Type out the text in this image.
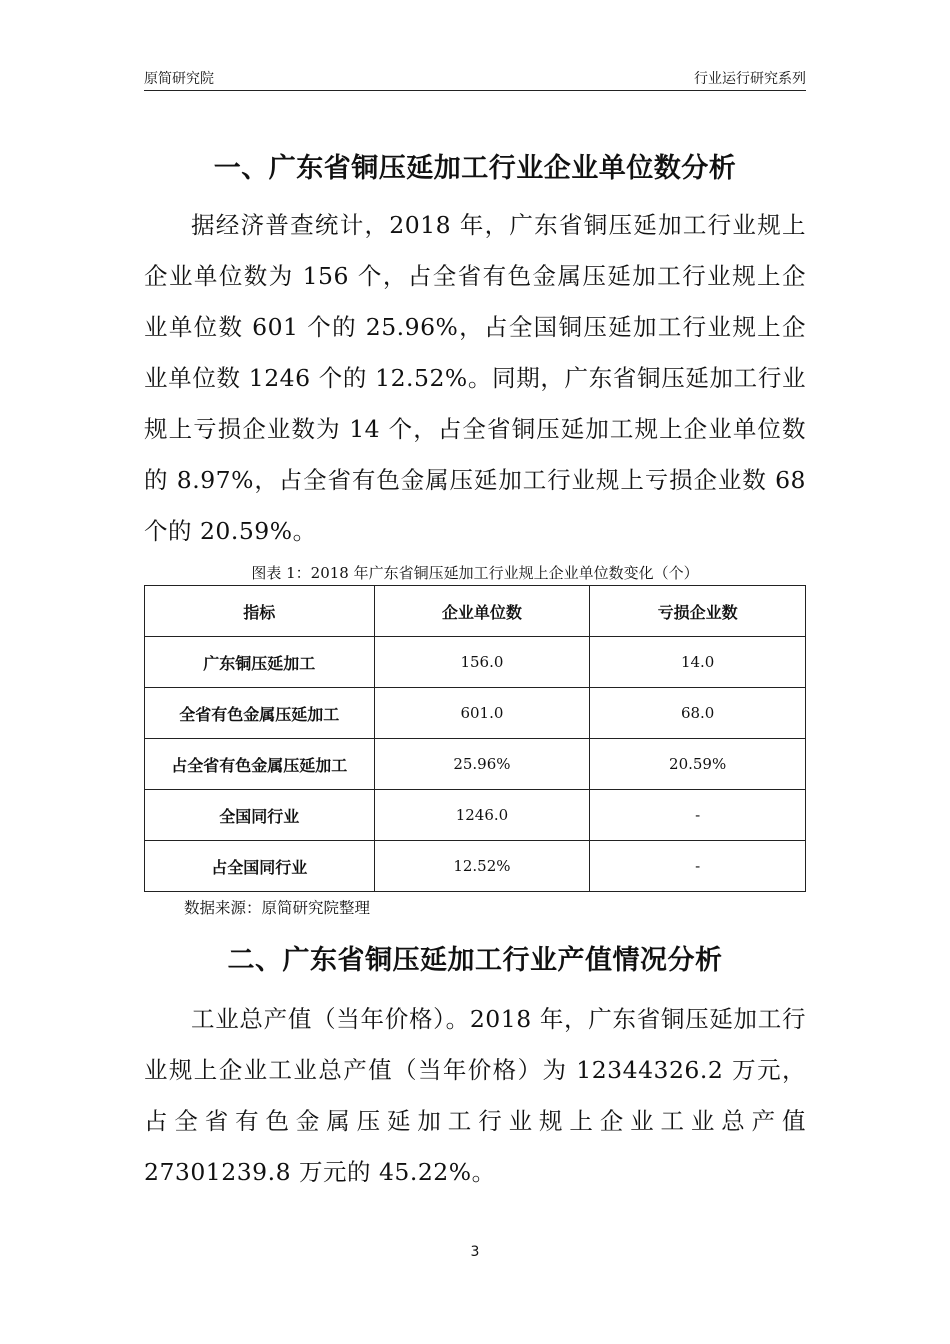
原简研究院	行业运行研究系列
一、广东省铜压延加工行业企业单位数分析

据经济普查统计，2018 年，广东省铜压延加工行业规上企业单位数为 156 个，占全省有色金属压延加工行业规上企业单位数 601 个的 25.96%，占全国铜压延加工行业规上企业单位数 1246 个的 12.52%。同期，广东省铜压延加工行业规上亏损企业数为 14 个，占全省铜压延加工规上企业单位数的 8.97%，占全省有色金属压延加工行业规上亏损企业数 68 个的 20.59%。

图表 1：2018 年广东省铜压延加工行业规上企业单位数变化（个）
指标	企业单位数	亏损企业数
广东铜压延加工	156.0	14.0
全省有色金属压延加工	601.0	68.0
占全省有色金属压延加工	25.96%	20.59%
全国同行业	1246.0	-
占全国同行业	12.52%	-
数据来源：原简研究院整理
二、广东省铜压延加工行业产值情况分析

工业总产值（当年价格）。2018 年，广东省铜压延加工行业规上企业工业总产值（当年价格）为 12344326.2 万元，占全省有色金属压延加工行业规上企业工业总产值 27301239.8 万元的 45.22%。

3
